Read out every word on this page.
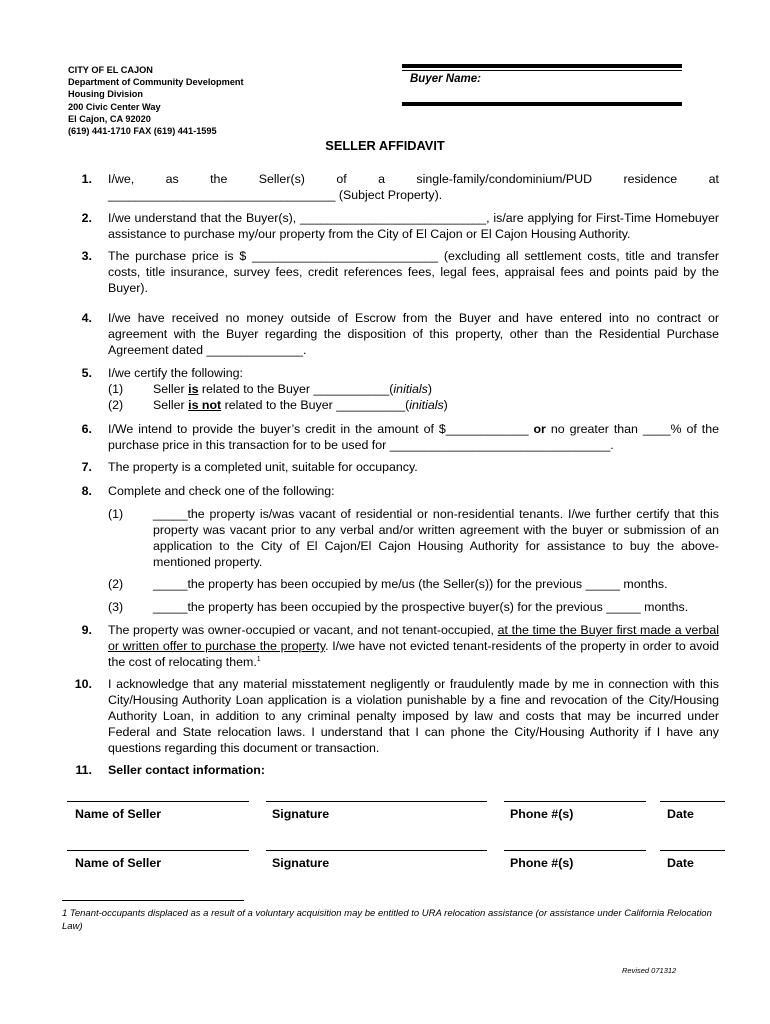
CITY OF EL CAJON
Department of Community Development
Housing Division
200 Civic Center Way
El Cajon, CA 92020
(619) 441-1710 FAX (619) 441-1595
Buyer Name:
SELLER AFFIDAVIT
1. I/we,	as	the	Seller(s)	of	a	single-family/condominium/PUD	residence	at
_________________________________ (Subject Property).
2. I/we understand that the Buyer(s), ___________________________, is/are applying for First-Time Homebuyer assistance to purchase my/our property from the City of El Cajon or El Cajon Housing Authority.
3. The purchase price is $ ___________________________ (excluding all settlement costs, title and transfer costs, title insurance, survey fees, credit references fees, legal fees, appraisal fees and points paid by the Buyer).
4. I/we have received no money outside of Escrow from the Buyer and have entered into no contract or agreement with the Buyer regarding the disposition of this property, other than the Residential Purchase Agreement dated ______________.
5. I/we certify the following:
(1) Seller is related to the Buyer ___________(initials)
(2) Seller is not related to the Buyer __________(initials)
6. I/We intend to provide the buyer’s credit in the amount of $____________ or no greater than ____% of the purchase price in this transaction for to be used for ________________________________.
7. The property is a completed unit, suitable for occupancy.
8. Complete and check one of the following:
(1) _____the property is/was vacant of residential or non-residential tenants. I/we further certify that this property was vacant prior to any verbal and/or written agreement with the buyer or submission of an application to the City of El Cajon/El Cajon Housing Authority for assistance to buy the above-mentioned property.
(2) _____the property has been occupied by me/us (the Seller(s)) for the previous _____ months.
(3) _____the property has been occupied by the prospective buyer(s) for the previous _____ months.
9. The property was owner-occupied or vacant, and not tenant-occupied, at the time the Buyer first made a verbal or written offer to purchase the property. I/we have not evicted tenant-residents of the property in order to avoid the cost of relocating them.$^1$
10. I acknowledge that any material misstatement negligently or fraudulently made by me in connection with this City/Housing Authority Loan application is a violation punishable by a fine and revocation of the City/Housing Authority Loan, in addition to any criminal penalty imposed by law and costs that may be incurred under Federal and State relocation laws. I understand that I can phone the City/Housing Authority if I have any questions regarding this document or transaction.
11. Seller contact information:
Name of Seller	Signature	Phone #(s)	Date
Name of Seller	Signature	Phone #(s)	Date
1 Tenant-occupants displaced as a result of a voluntary acquisition may be entitled to URA relocation assistance (or assistance under California Relocation Law)
Revised 071312
